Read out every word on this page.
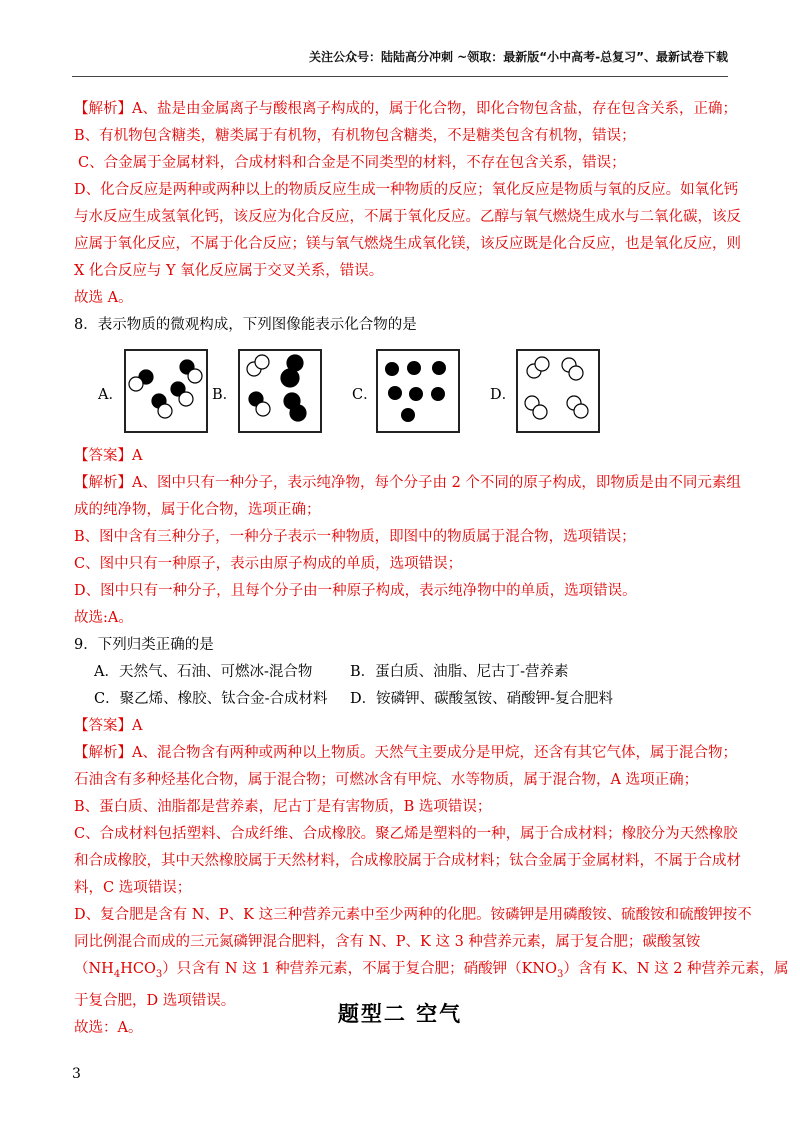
关注公众号：陆陆高分冲刺 ~领取：最新版“小中高考-总复习”、最新试卷下载

【解析】A、盐是由金属离子与酸根离子构成的，属于化合物，即化合物包含盐，存在包含关系，正确；

B、有机物包含糖类，糖类属于有机物，有机物包含糖类，不是糖类包含有机物，错误；

C、合金属于金属材料，合成材料和合金是不同类型的材料，不存在包含关系，错误；

D、化合反应是两种或两种以上的物质反应生成一种物质的反应；氧化反应是物质与氧的反应。如氧化钙

与水反应生成氢氧化钙，该反应为化合反应，不属于氧化反应。乙醇与氧气燃烧生成水与二氧化碳，该反

应属于氧化反应，不属于化合反应；镁与氧气燃烧生成氧化镁，该反应既是化合反应，也是氧化反应，则

X 化合反应与 Y 氧化反应属于交叉关系，错误。

故选 A。

8．表示物质的微观构成，下列图像能表示化合物的是

A．	B．	C．	D．

【答案】A

【解析】A、图中只有一种分子，表示纯净物，每个分子由 2 个不同的原子构成，即物质是由不同元素组

成的纯净物，属于化合物，选项正确；

B、图中含有三种分子，一种分子表示一种物质，即图中的物质属于混合物，选项错误；

C、图中只有一种原子，表示由原子构成的单质，选项错误；

D、图中只有一种分子，且每个分子由一种原子构成，表示纯净物中的单质，选项错误。

故选:A。

9．下列归类正确的是

A．天然气、石油、可燃冰-混合物	B．蛋白质、油脂、尼古丁-营养素
C．聚乙烯、橡胶、钛合金-合成材料	D．铵磷钾、碳酸氢铵、硝酸钾-复合肥料

【答案】A

【解析】A、混合物含有两种或两种以上物质。天然气主要成分是甲烷，还含有其它气体，属于混合物；

石油含有多种烃基化合物，属于混合物；可燃冰含有甲烷、水等物质，属于混合物，A 选项正确；

B、蛋白质、油脂都是营养素，尼古丁是有害物质，B 选项错误；

C、合成材料包括塑料、合成纤维、合成橡胶。聚乙烯是塑料的一种，属于合成材料；橡胶分为天然橡胶

和合成橡胶，其中天然橡胶属于天然材料，合成橡胶属于合成材料；钛合金属于金属材料，不属于合成材

料，C 选项错误；

D、复合肥是含有 N、P、K 这三种营养元素中至少两种的化肥。铵磷钾是用磷酸铵、硫酸铵和硫酸钾按不

同比例混合而成的三元氮磷钾混合肥料，含有 N、P、K 这 3 种营养元素，属于复合肥；碳酸氢铵

$(NH_4HCO_3)$只含有 N 这 1 种营养元素，不属于复合肥；硝酸钾$(KNO_3)$含有 K、N 这 2 种营养元素，属

于复合肥，D 选项错误。

故选：A。

题型二 空气
3
